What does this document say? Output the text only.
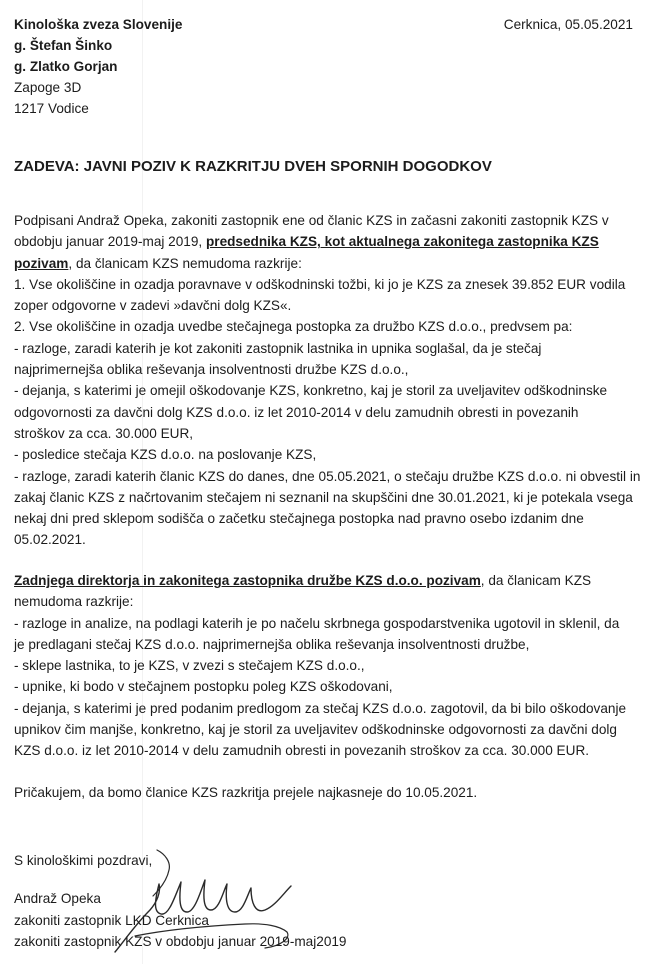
Kinološka zveza Slovenije
g. Štefan Šinko
g. Zlatko Gorjan
Zapoge 3D
1217 Vodice
Cerknica, 05.05.2021
ZADEVA: JAVNI POZIV K RAZKRITJU DVEH SPORNIH DOGODKOV
Podpisani Andraž Opeka, zakoniti zastopnik ene od članic KZS in začasni zakoniti zastopnik KZS v
obdobju januar 2019-maj 2019, predsednika KZS, kot aktualnega zakonitega zastopnika KZS
pozivam, da članicam KZS nemudoma razkrije:
1. Vse okoliščine in ozadja poravnave v odškodninski tožbi, ki jo je KZS za znesek 39.852 EUR vodila
zoper odgovorne v zadevi »davčni dolg KZS«.
2. Vse okoliščine in ozadja uvedbe stečajnega postopka za družbo KZS d.o.o., predvsem pa:
- razloge, zaradi katerih je kot zakoniti zastopnik lastnika in upnika soglašal, da je stečaj
najprimernejša oblika reševanja insolventnosti družbe KZS d.o.o.,
- dejanja, s katerimi je omejil oškodovanje KZS, konkretno, kaj je storil za uveljavitev odškodninske
odgovornosti za davčni dolg KZS d.o.o. iz let 2010-2014 v delu zamudnih obresti in povezanih
stroškov za cca. 30.000 EUR,
- posledice stečaja KZS d.o.o. na poslovanje KZS,
- razloge, zaradi katerih članic KZS do danes, dne 05.05.2021, o stečaju družbe KZS d.o.o. ni obvestil in
zakaj članic KZS z načrtovanim stečajem ni seznanil na skupščini dne 30.01.2021, ki je potekala vsega
nekaj dni pred sklepom sodišča o začetku stečajnega postopka nad pravno osebo izdanim dne
05.02.2021.
Zadnjega direktorja in zakonitega zastopnika družbe KZS d.o.o. pozivam, da članicam KZS
nemudoma razkrije:
- razloge in analize, na podlagi katerih je po načelu skrbnega gospodarstvenika ugotovil in sklenil, da
je predlagani stečaj KZS d.o.o. najprimernejša oblika reševanja insolventnosti družbe,
- sklepe lastnika, to je KZS, v zvezi s stečajem KZS d.o.o.,
- upnike, ki bodo v stečajnem postopku poleg KZS oškodovani,
- dejanja, s katerimi je pred podanim predlogom za stečaj KZS d.o.o. zagotovil, da bi bilo oškodovanje
upnikov čim manjše, konkretno, kaj je storil za uveljavitev odškodninske odgovornosti za davčni dolg
KZS d.o.o. iz let 2010-2014 v delu zamudnih obresti in povezanih stroškov za cca. 30.000 EUR.
Pričakujem, da bomo članice KZS razkritja prejele najkasneje do 10.05.2021.
S kinološkimi pozdravi,
Andraž Opeka
zakoniti zastopnik LKD Cerknica
zakoniti zastopnik KZS v obdobju januar 2019-maj2019
